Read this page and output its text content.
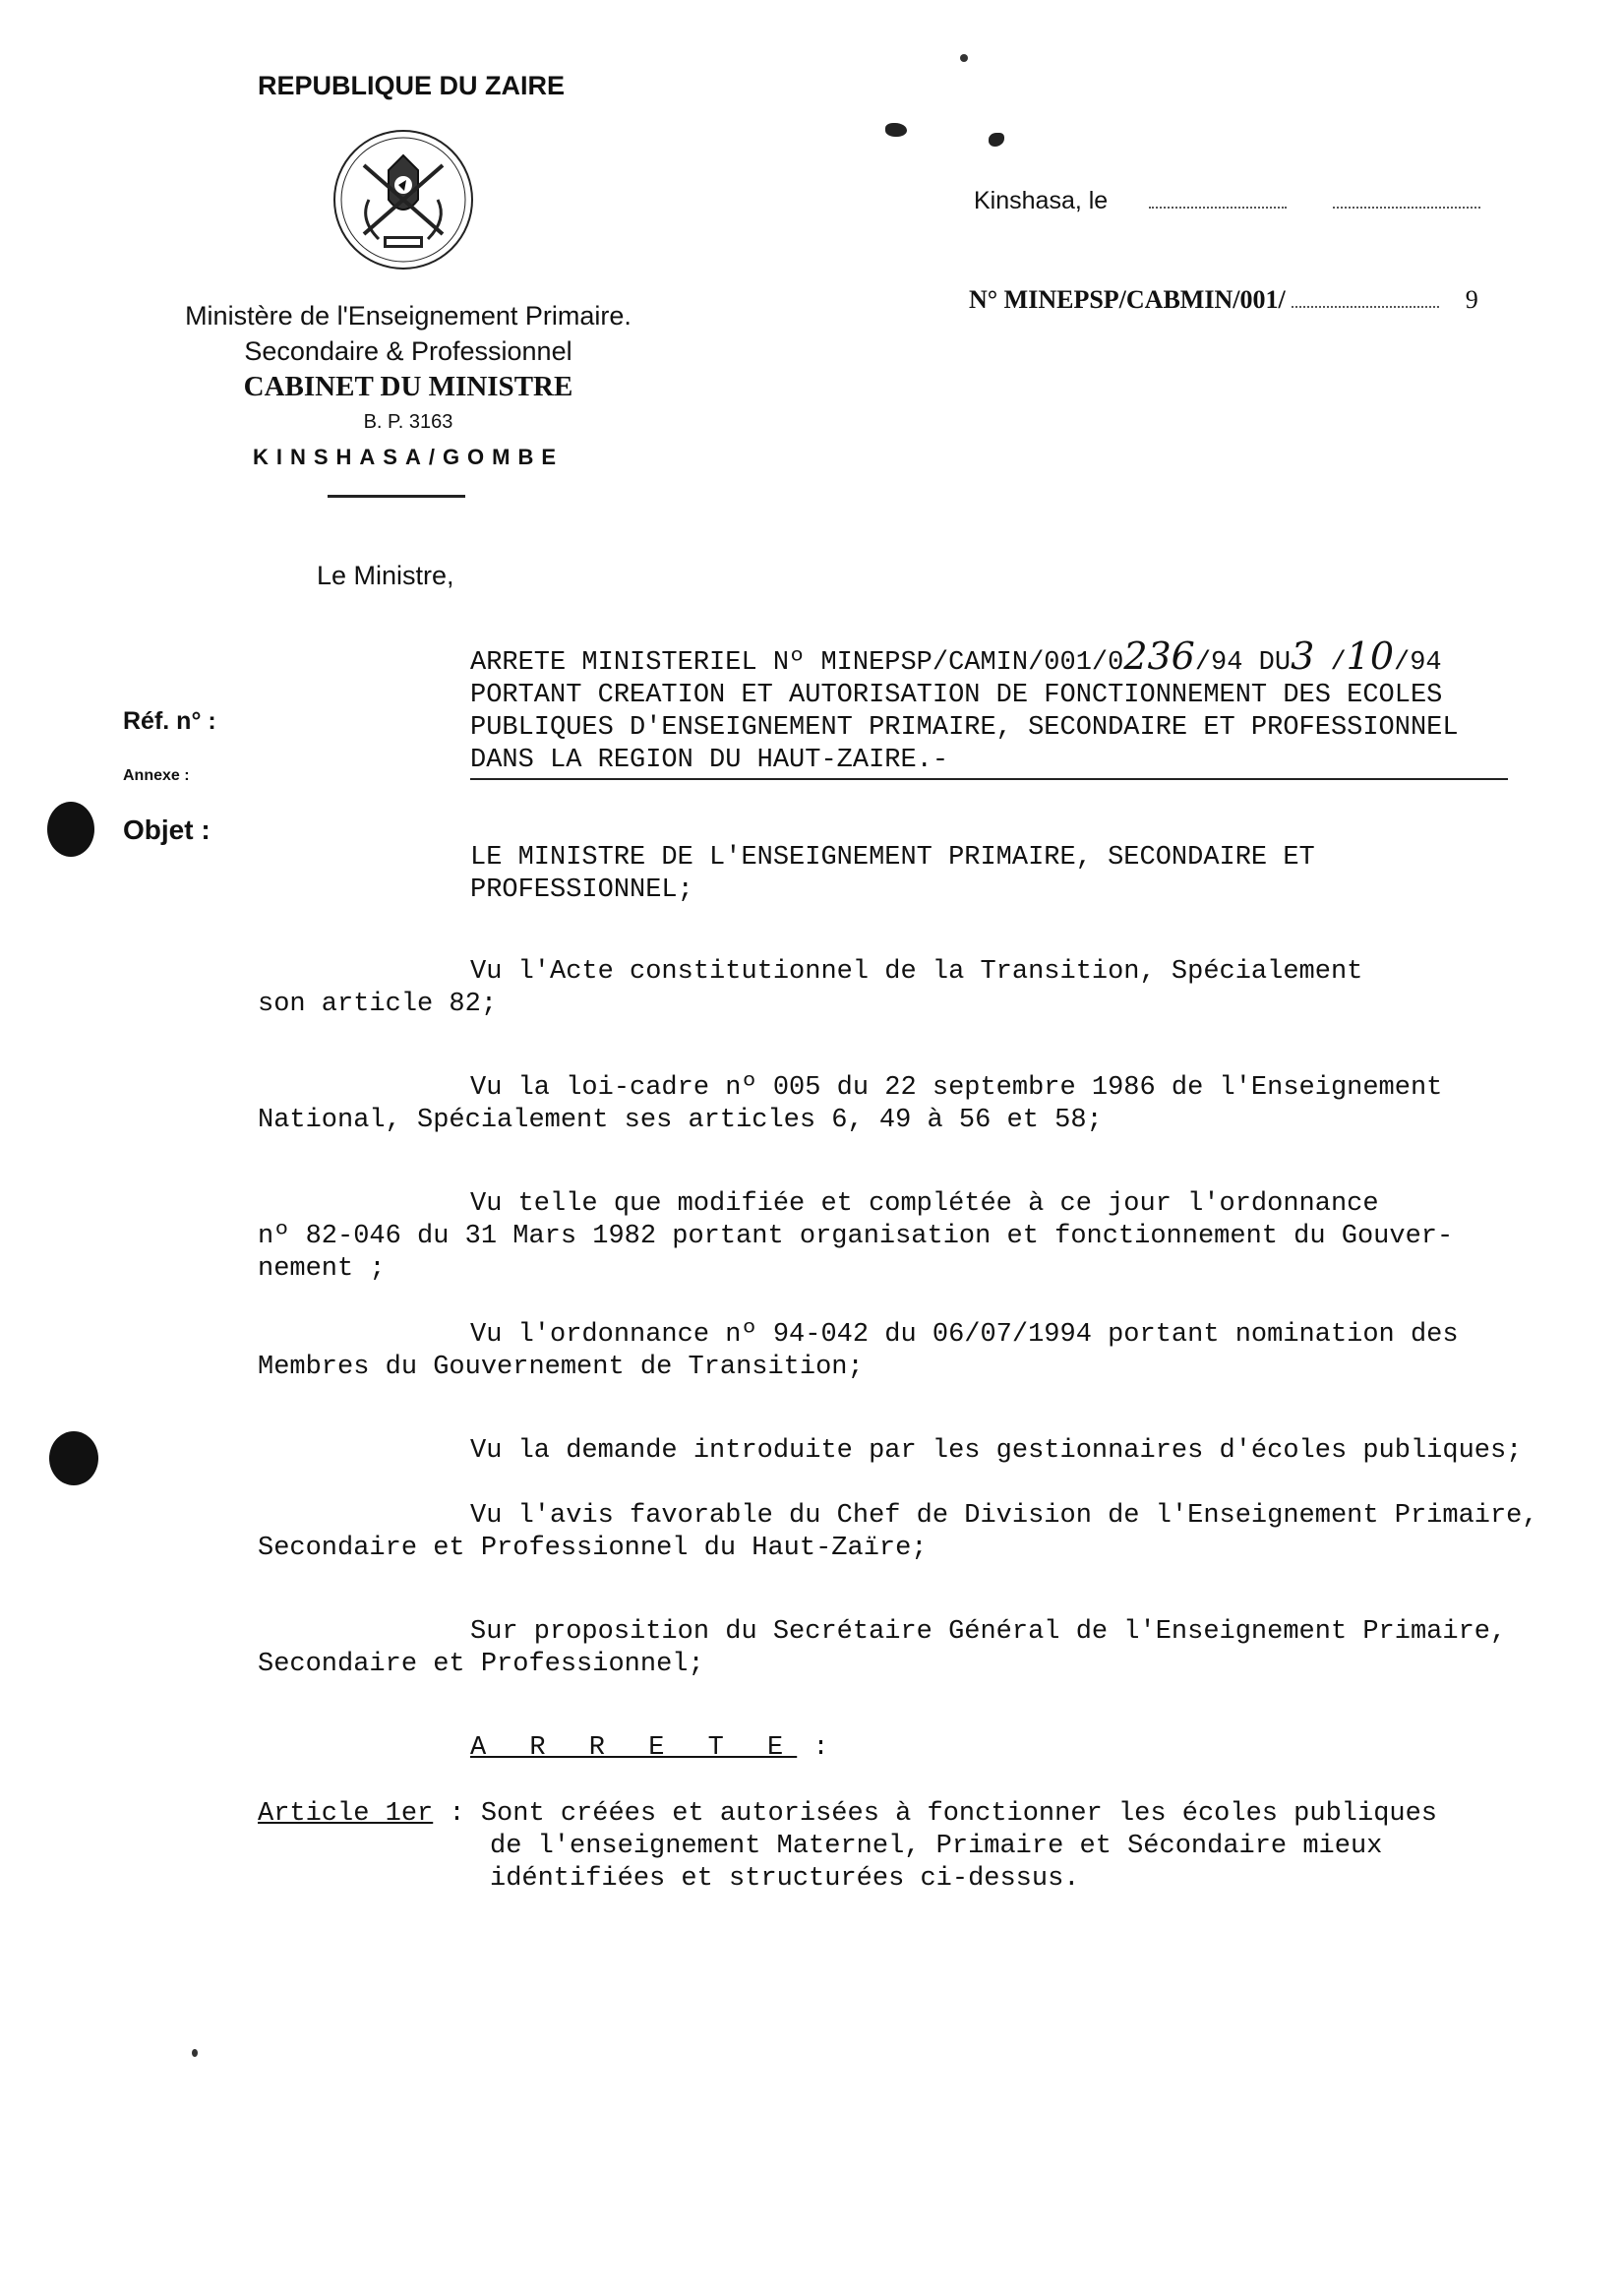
REPUBLIQUE DU ZAIRE
Kinshasa, le
N° MINEPSP/CABMIN/001/	9
Ministère de l'Enseignement Primaire.
Secondaire & Professionnel
CABINET DU MINISTRE
B. P. 3163
KINSHASA/GOMBE
Le Ministre,
Réf. n° :
Annexe :
Objet :
ARRETE MINISTERIEL Nº MINEPSP/CAMIN/001/0236/94 DU3 /10/94
PORTANT CREATION ET AUTORISATION DE FONCTIONNEMENT DES ECOLES
PUBLIQUES D'ENSEIGNEMENT PRIMAIRE, SECONDAIRE ET PROFESSIONNEL
DANS LA REGION DU HAUT-ZAIRE.-
LE MINISTRE DE L'ENSEIGNEMENT PRIMAIRE, SECONDAIRE ET
PROFESSIONNEL;
Vu l'Acte constitutionnel de la Transition, Spécialement
son article 82;
Vu la loi-cadre nº 005 du 22 septembre 1986 de l'Enseignement
National, Spécialement ses articles 6, 49 à 56 et 58;
Vu telle que modifiée et complétée à ce jour l'ordonnance
nº 82-046 du 31 Mars 1982 portant organisation et fonctionnement du Gouver-
nement ;
Vu l'ordonnance nº 94-042 du 06/07/1994 portant nomination des
Membres du Gouvernement de Transition;
Vu la demande introduite par les gestionnaires d'écoles publiques;
Vu l'avis favorable du Chef de Division de l'Enseignement Primaire,
Secondaire et Professionnel du Haut-Zaïre;
Sur proposition du Secrétaire Général de l'Enseignement Primaire,
Secondaire et Professionnel;
A R R E T E :
Article 1er : Sont créées et autorisées à fonctionner les écoles publiques
de l'enseignement Maternel, Primaire et Sécondaire mieux
idéntifiées et structurées ci-dessus.
